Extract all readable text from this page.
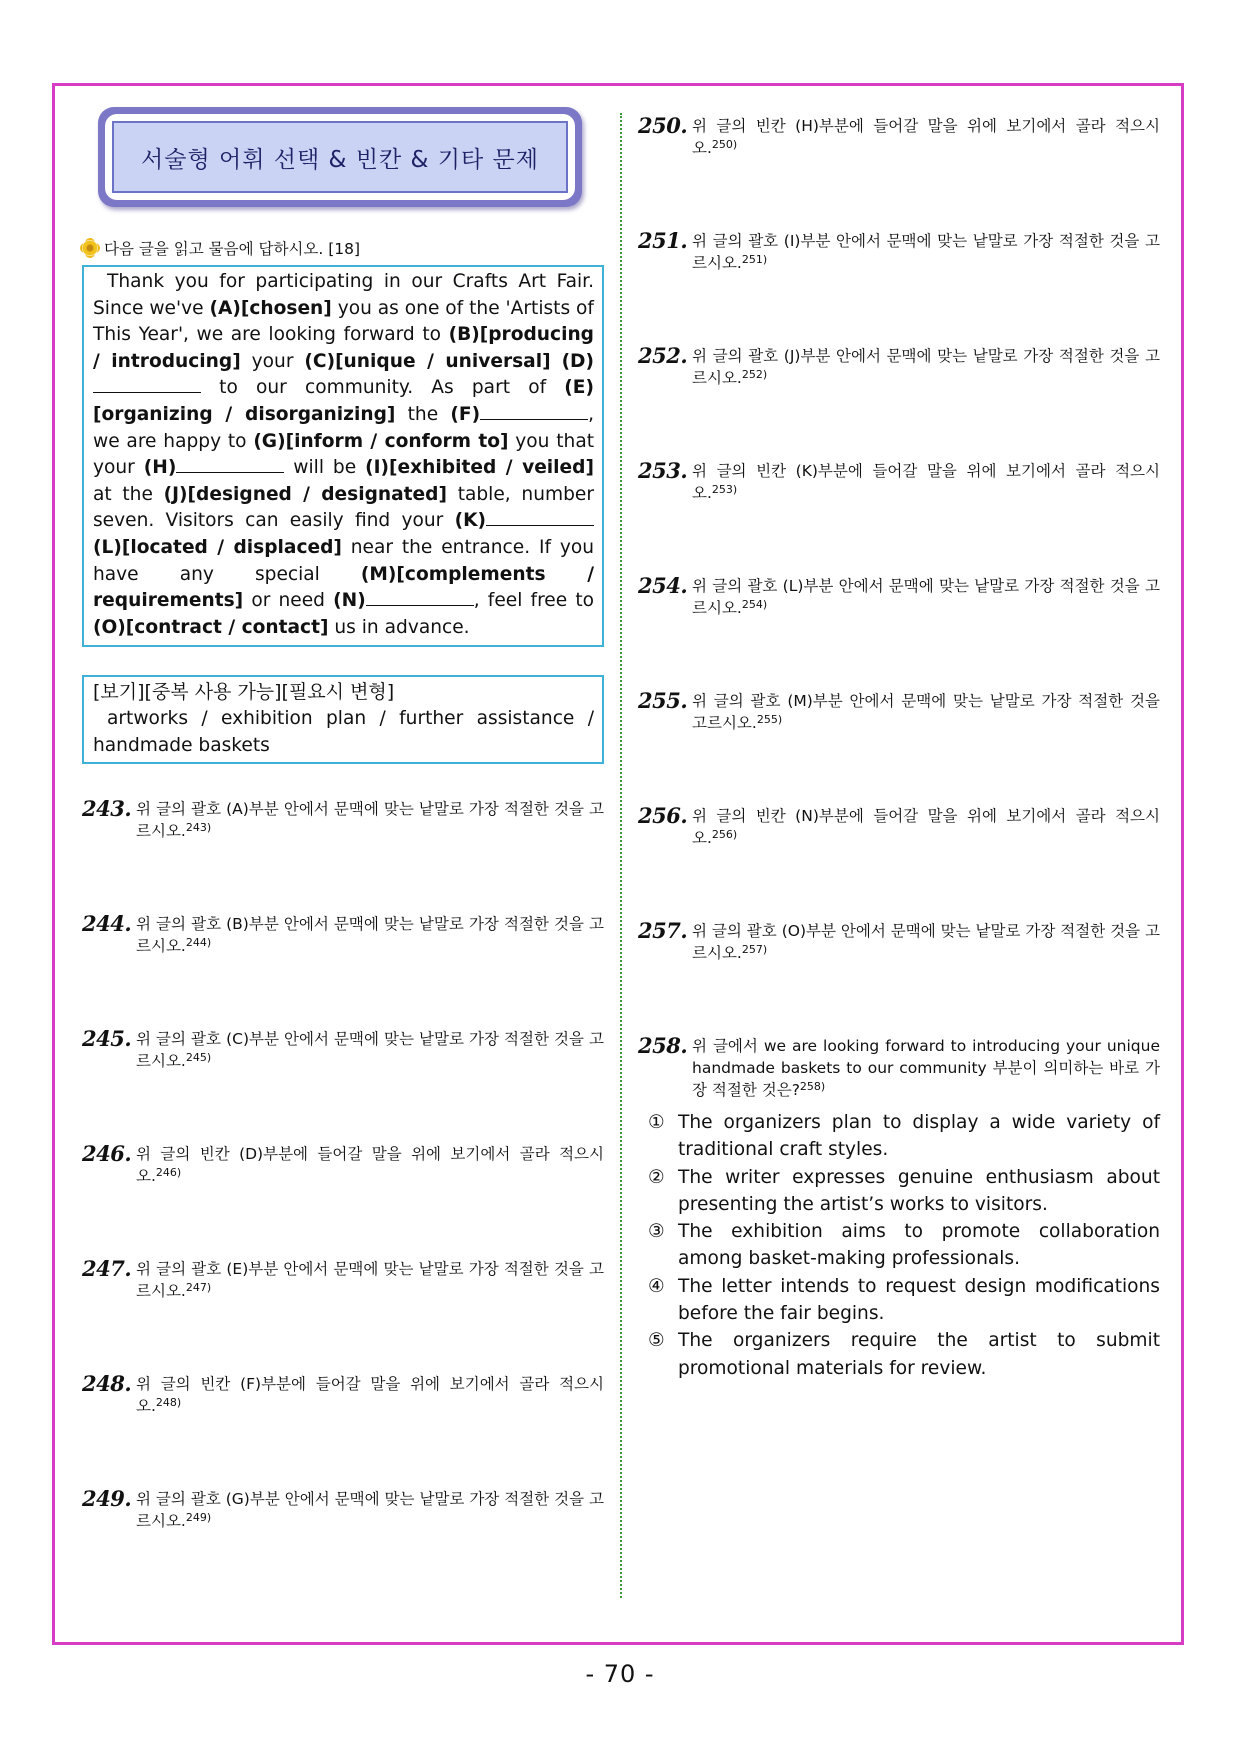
서술형 어휘 선택 & 빈칸 & 기타 문제
다음 글을 읽고 물음에 답하시오. [18]
Thank you for participating in our Crafts Art Fair. Since we've (A)[chosen] you as one of the 'Artists of This Year', we are looking forward to (B)[producing / introducing] your (C)[unique / universal] (D) to our community. As part of (E)[organizing / disorganizing] the (F)	, we are happy to (G)[inform / conform to] you that your (H)	will be (I)[exhibited / veiled] at the (J)[designed / designated] table, number seven. Visitors can easily find your (K) (L)[located / displaced] near the entrance. If you have any special (M)[complements / requirements] or need (N)	, feel free to (O)[contract / contact] us in advance.
[보기][중복 사용 가능][필요시 변형]
artworks / exhibition plan / further assistance / handmade baskets
243. 위 글의 괄호 (A)부분 안에서 문맥에 맞는 낱말로 가장 적절한 것을 고르시오.$^{243)}$
244. 위 글의 괄호 (B)부분 안에서 문맥에 맞는 낱말로 가장 적절한 것을 고르시오.$^{244)}$
245. 위 글의 괄호 (C)부분 안에서 문맥에 맞는 낱말로 가장 적절한 것을 고르시오.$^{245)}$
246. 위 글의 빈칸 (D)부분에 들어갈 말을 위에 보기에서 골라 적으시오.$^{246)}$
247. 위 글의 괄호 (E)부분 안에서 문맥에 맞는 낱말로 가장 적절한 것을 고르시오.$^{247)}$
248. 위 글의 빈칸 (F)부분에 들어갈 말을 위에 보기에서 골라 적으시오.$^{248)}$
249. 위 글의 괄호 (G)부분 안에서 문맥에 맞는 낱말로 가장 적절한 것을 고르시오.$^{249)}$
250. 위 글의 빈칸 (H)부분에 들어갈 말을 위에 보기에서 골라 적으시오.$^{250)}$
251. 위 글의 괄호 (I)부분 안에서 문맥에 맞는 낱말로 가장 적절한 것을 고르시오.$^{251)}$
252. 위 글의 괄호 (J)부분 안에서 문맥에 맞는 낱말로 가장 적절한 것을 고르시오.$^{252)}$
253. 위 글의 빈칸 (K)부분에 들어갈 말을 위에 보기에서 골라 적으시오.$^{253)}$
254. 위 글의 괄호 (L)부분 안에서 문맥에 맞는 낱말로 가장 적절한 것을 고르시오.$^{254)}$
255. 위 글의 괄호 (M)부분 안에서 문맥에 맞는 낱말로 가장 적절한 것을 고르시오.$^{255)}$
256. 위 글의 빈칸 (N)부분에 들어갈 말을 위에 보기에서 골라 적으시오.$^{256)}$
257. 위 글의 괄호 (O)부분 안에서 문맥에 맞는 낱말로 가장 적절한 것을 고르시오.$^{257)}$
258. 위 글에서 we are looking forward to introducing your unique handmade baskets to our community 부분이 의미하는 바로 가장 적절한 것은?$^{258)}$
① The organizers plan to display a wide variety of traditional craft styles.
② The writer expresses genuine enthusiasm about presenting the artist’s works to visitors.
③ The exhibition aims to promote collaboration among basket-making professionals.
④ The letter intends to request design modifications before the fair begins.
⑤ The organizers require the artist to submit promotional materials for review.
- 70 -
